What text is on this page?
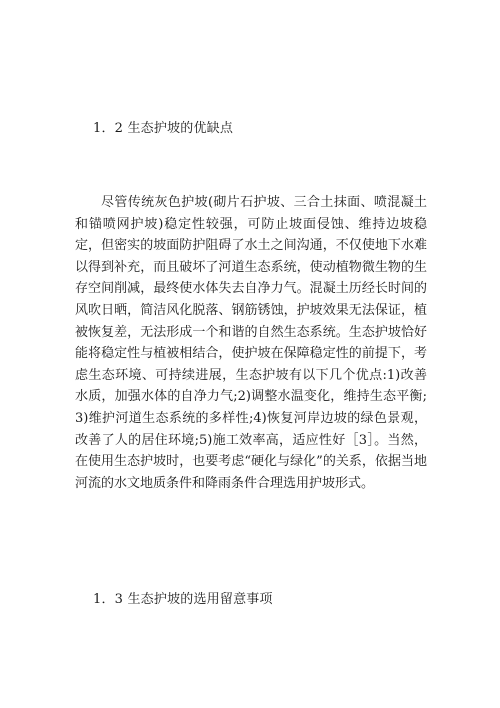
1．2 生态护坡的优缺点

尽管传统灰色护坡(砌片石护坡、三合土抹面、喷混凝土和锚喷网护坡)稳定性较强，可防止坡面侵蚀、维持边坡稳定，但密实的坡面防护阻碍了水土之间沟通，不仅使地下水难以得到补充，而且破坏了河道生态系统，使动植物微生物的生存空间削减，最终使水体失去自净力气。混凝土历经长时间的风吹日晒，简洁风化脱落、钢筋锈蚀，护坡效果无法保证，植被恢复差，无法形成一个和谐的自然生态系统。生态护坡恰好能将稳定性与植被相结合，使护坡在保障稳定性的前提下，考虑生态环境、可持续进展，生态护坡有以下几个优点:1)改善水质，加强水体的自净力气;2)调整水温变化，维持生态平衡;3)维护河道生态系统的多样性;4)恢复河岸边坡的绿色景观，改善了人的居住环境;5)施工效率高，适应性好［3］。当然，在使用生态护坡时，也要考虑“硬化与绿化”的关系，依据当地河流的水文地质条件和降雨条件合理选用护坡形式。

1．3 生态护坡的选用留意事项
